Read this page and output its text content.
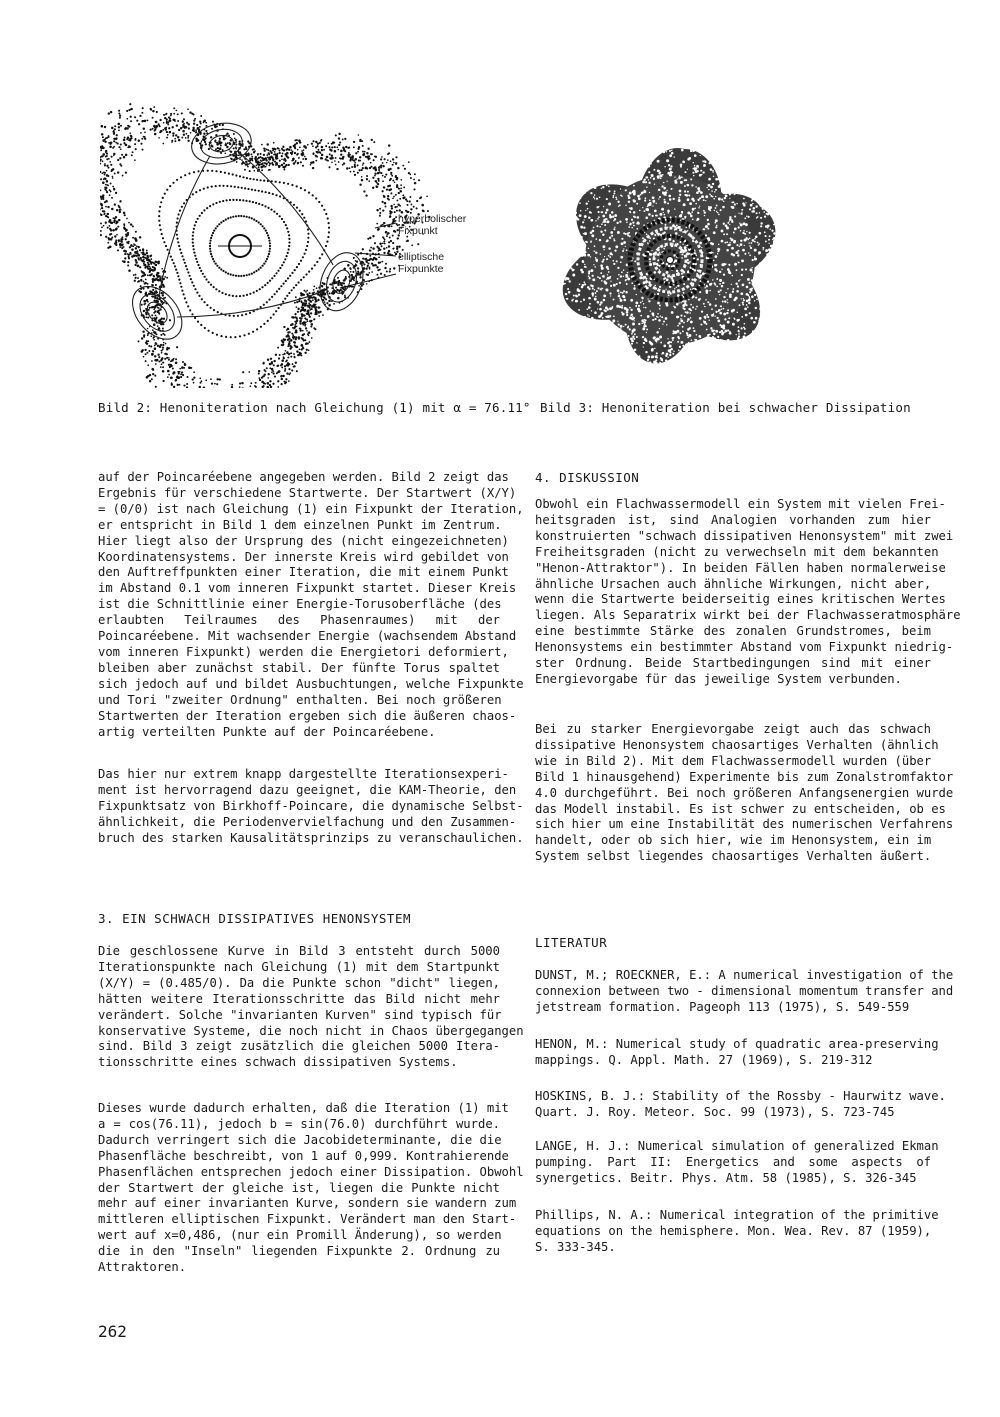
hyperbolischer
Fixpunkt
elliptische
Fixpunkte
Bild 2: Henoniteration nach Gleichung (1) mit α = 76.11° Bild 3: Henoniteration bei schwacher Dissipation
auf der Poincaréebene angegeben werden. Bild 2 zeigt das
Ergebnis für verschiedene Startwerte. Der Startwert (X/Y)
= (0/0) ist nach Gleichung (1) ein Fixpunkt der Iteration,
er entspricht in Bild 1 dem einzelnen Punkt im Zentrum.
Hier liegt also der Ursprung des (nicht eingezeichneten)
Koordinatensystems. Der innerste Kreis wird gebildet von
den Auftreffpunkten einer Iteration, die mit einem Punkt
im Abstand 0.1 vom inneren Fixpunkt startet. Dieser Kreis
ist die Schnittlinie einer Energie-Torusoberfläche (des
erlaubten Teilraumes des Phasenraumes) mit der
Poincaréebene. Mit wachsender Energie (wachsendem Abstand
vom inneren Fixpunkt) werden die Energietori deformiert,
bleiben aber zunächst stabil. Der fünfte Torus spaltet
sich jedoch auf und bildet Ausbuchtungen, welche Fixpunkte
und Tori "zweiter Ordnung" enthalten. Bei noch größeren
Startwerten der Iteration ergeben sich die äußeren chaos-
artig verteilten Punkte auf der Poincaréebene.
Das hier nur extrem knapp dargestellte Iterationsexperi-
ment ist hervorragend dazu geeignet, die KAM-Theorie, den
Fixpunktsatz von Birkhoff-Poincare, die dynamische Selbst-
ähnlichkeit, die Periodenvervielfachung und den Zusammen-
bruch des starken Kausalitätsprinzips zu veranschaulichen.
3. EIN SCHWACH DISSIPATIVES HENONSYSTEM
Die geschlossene Kurve in Bild 3 entsteht durch 5000
Iterationspunkte nach Gleichung (1) mit dem Startpunkt
(X/Y) = (0.485/0). Da die Punkte schon "dicht" liegen,
hätten weitere Iterationsschritte das Bild nicht mehr
verändert. Solche "invarianten Kurven" sind typisch für
konservative Systeme, die noch nicht in Chaos übergegangen
sind. Bild 3 zeigt zusätzlich die gleichen 5000 Itera-
tionsschritte eines schwach dissipativen Systems.
Dieses wurde dadurch erhalten, daß die Iteration (1) mit
a = cos(76.11), jedoch b = sin(76.0) durchführt wurde.
Dadurch verringert sich die Jacobideterminante, die die
Phasenfläche beschreibt, von 1 auf 0,999. Kontrahierende
Phasenflächen entsprechen jedoch einer Dissipation. Obwohl
der Startwert der gleiche ist, liegen die Punkte nicht
mehr auf einer invarianten Kurve, sondern sie wandern zum
mittleren elliptischen Fixpunkt. Verändert man den Start-
wert auf x=0,486, (nur ein Promill Änderung), so werden
die in den "Inseln" liegenden Fixpunkte 2. Ordnung zu
Attraktoren.
4. DISKUSSION
Obwohl ein Flachwassermodell ein System mit vielen Frei-
heitsgraden ist, sind Analogien vorhanden zum hier
konstruierten "schwach dissipativen Henonsystem" mit zwei
Freiheitsgraden (nicht zu verwechseln mit dem bekannten
"Henon-Attraktor"). In beiden Fällen haben normalerweise
ähnliche Ursachen auch ähnliche Wirkungen, nicht aber,
wenn die Startwerte beiderseitig eines kritischen Wertes
liegen. Als Separatrix wirkt bei der Flachwasseratmosphäre
eine bestimmte Stärke des zonalen Grundstromes, beim
Henonsystems ein bestimmter Abstand vom Fixpunkt niedrig-
ster Ordnung. Beide Startbedingungen sind mit einer
Energievorgabe für das jeweilige System verbunden.
Bei zu starker Energievorgabe zeigt auch das schwach
dissipative Henonsystem chaosartiges Verhalten (ähnlich
wie in Bild 2). Mit dem Flachwassermodell wurden (über
Bild 1 hinausgehend) Experimente bis zum Zonalstromfaktor
4.0 durchgeführt. Bei noch größeren Anfangsenergien wurde
das Modell instabil. Es ist schwer zu entscheiden, ob es
sich hier um eine Instabilität des numerischen Verfahrens
handelt, oder ob sich hier, wie im Henonsystem, ein im
System selbst liegendes chaosartiges Verhalten äußert.
LITERATUR
DUNST, M.; ROECKNER, E.: A numerical investigation of the
connexion between two - dimensional momentum transfer and
jetstream formation. Pageoph 113 (1975), S. 549-559
HENON, M.: Numerical study of quadratic area-preserving
mappings. Q. Appl. Math. 27 (1969), S. 219-312
HOSKINS, B. J.: Stability of the Rossby - Haurwitz wave.
Quart. J. Roy. Meteor. Soc. 99 (1973), S. 723-745
LANGE, H. J.: Numerical simulation of generalized Ekman
pumping. Part II: Energetics and some aspects of
synergetics. Beitr. Phys. Atm. 58 (1985), S. 326-345
Phillips, N. A.: Numerical integration of the primitive
equations on the hemisphere. Mon. Wea. Rev. 87 (1959),
S. 333-345.
262
